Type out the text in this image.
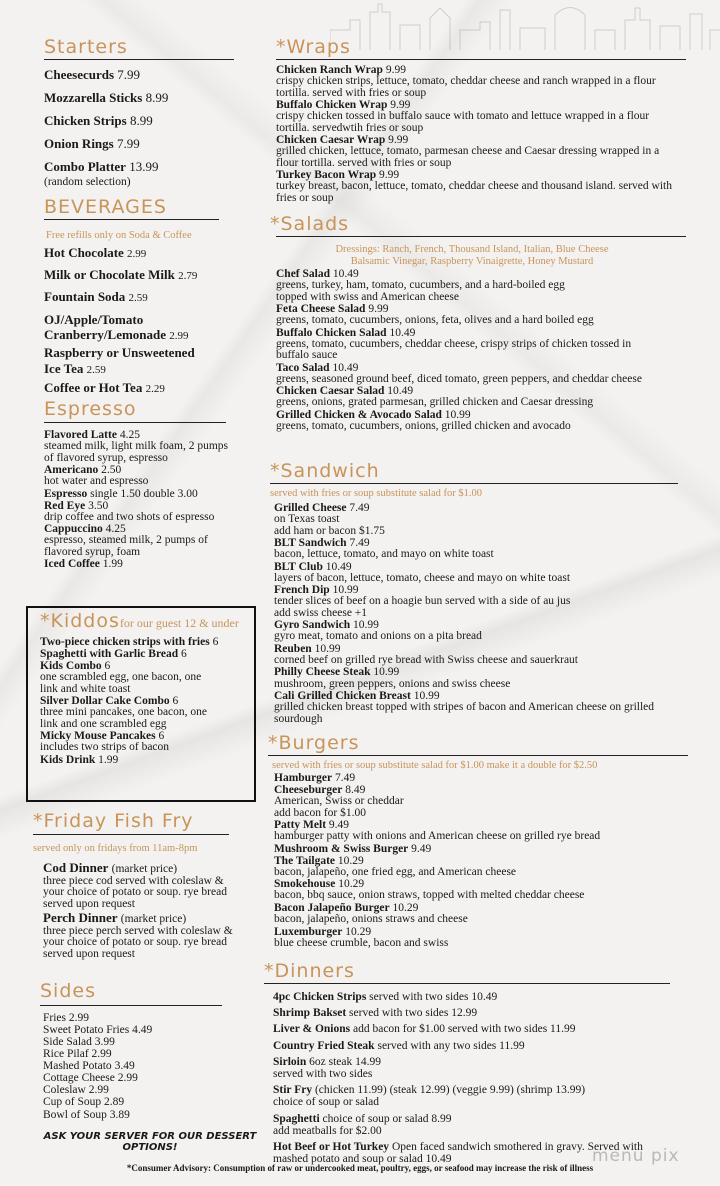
Starters
Cheesecurds 7.99
Mozzarella Sticks 8.99
Chicken Strips 8.99
Onion Rings 7.99
Combo Platter 13.99
(random selection)
BEVERAGES
Free refills only on Soda & Coffee
Hot Chocolate 2.99
Milk or Chocolate Milk 2.79
Fountain Soda 2.59
OJ/Apple/Tomato
Cranberry/Lemonade 2.99
Raspberry or Unsweetened
Ice Tea 2.59
Coffee or Hot Tea 2.29
Espresso
Flavored Latte 4.25
steamed milk, light milk foam, 2 pumps of flavored syrup, espresso
Americano 2.50
hot water and espresso
Espresso single 1.50 double 3.00
Red Eye 3.50
drip coffee and two shots of espresso
Cappuccino 4.25
espresso, steamed milk, 2 pumps of flavored syrup, foam
Iced Coffee 1.99
*Kiddosfor our guest 12 & under
Two-piece chicken strips with fries 6
Spaghetti with Garlic Bread 6
Kids Combo 6
one scrambled egg, one bacon, one link and white toast
Silver Dollar Cake Combo 6
three mini pancakes, one bacon, one link and one scrambled egg
Micky Mouse Pancakes 6
includes two strips of bacon
Kids Drink 1.99
*Friday Fish Fry
served only on fridays from 11am-8pm
Cod Dinner (market price)
three piece cod served with coleslaw & your choice of potato or soup. rye bread served upon request
Perch Dinner (market price)
three piece perch served with coleslaw & your choice of potato or soup. rye bread served upon request
Sides
Fries 2.99
Sweet Potato Fries 4.49
Side Salad 3.99
Rice Pilaf 2.99
Mashed Potato 3.49
Cottage Cheese 2.99
Coleslaw 2.99
Cup of Soup 2.89
Bowl of Soup 3.89
ASK YOUR SERVER FOR OUR DESSERT OPTIONS!
*Wraps
Chicken Ranch Wrap 9.99
crispy chicken strips, lettuce, tomato, cheddar cheese and ranch wrapped in a flour tortilla. served with fries or soup
Buffalo Chicken Wrap 9.99
crispy chicken tossed in buffalo sauce with tomato and lettuce wrapped in a flour tortilla. servedwtih fries or soup
Chicken Caesar Wrap 9.99
grilled chicken, lettuce, tomato, parmesan cheese and Caesar dressing wrapped in a flour tortilla. served with fries or soup
Turkey Bacon Wrap 9.99
turkey breast, bacon, lettuce, tomato, cheddar cheese and thousand island. served with fries or soup
*Salads
Dressings: Ranch, French, Thousand Island, Italian, Blue Cheese Balsamic Vinegar, Raspberry Vinaigrette, Honey Mustard
Chef Salad 10.49
greens, turkey, ham, tomato, cucumbers, and a hard-boiled egg topped with swiss and American cheese
Feta Cheese Salad 9.99
greens, tomato, cucumbers, onions, feta, olives and a hard boiled egg
Buffalo Chicken Salad 10.49
greens, tomato, cucumbers, cheddar cheese, crispy strips of chicken tossed in buffalo sauce
Taco Salad 10.49
greens, seasoned ground beef, diced tomato, green peppers, and cheddar cheese
Chicken Caesar Salad 10.49
greens, onions, grated parmesan, grilled chicken and Caesar dressing
Grilled Chicken & Avocado Salad 10.99
greens, tomato, cucumbers, onions, grilled chicken and avocado
*Sandwich
served with fries or soup substitute salad for $1.00
Grilled Cheese 7.49
on Texas toast
add ham or bacon $1.75
BLT Sandwich 7.49
bacon, lettuce, tomato, and mayo on white toast
BLT Club 10.49
layers of bacon, lettuce, tomato, cheese and mayo on white toast
French Dip 10.99
tender slices of beef on a hoagie bun served with a side of au jus
add swiss cheese +1
Gyro Sandwich 10.99
gyro meat, tomato and onions on a pita bread
Reuben 10.99
corned beef on grilled rye bread with Swiss cheese and sauerkraut
Philly Cheese Steak 10.99
mushroom, green peppers, onions and swiss cheese
Cali Grilled Chicken Breast 10.99
grilled chicken breast topped with stripes of bacon and American cheese on grilled sourdough
*Burgers
served with fries or soup substitute salad for $1.00 make it a double for $2.50
Hamburger 7.49
Cheeseburger 8.49
American, Swiss or cheddar
add bacon for $1.00
Patty Melt 9.49
hamburger patty with onions and American cheese on grilled rye bread
Mushroom & Swiss Burger 9.49
The Tailgate 10.29
bacon, jalapeño, one fried egg, and American cheese
Smokehouse 10.29
bacon, bbq sauce, onion straws, topped with melted cheddar cheese
Bacon Jalapeño Burger 10.29
bacon, jalapeño, onions straws and cheese
Luxemburger 10.29
blue cheese crumble, bacon and swiss
*Dinners
4pc Chicken Strips served with two sides 10.49
Shrimp Bakset served with two sides 12.99
Liver & Onions add bacon for $1.00 served with two sides 11.99
Country Fried Steak served with any two sides 11.99
Sirloin 6oz steak 14.99
served with two sides
Stir Fry (chicken 11.99) (steak 12.99) (veggie 9.99) (shrimp 13.99)
choice of soup or salad
Spaghetti choice of soup or salad 8.99
add meatballs for $2.00
Hot Beef or Hot Turkey Open faced sandwich smothered in gravy. Served with
mashed potato and soup or salad 10.49
*Consumer Advisory: Consumption of raw or undercooked meat, poultry, eggs, or seafood may increase the risk of illness
menu pix
